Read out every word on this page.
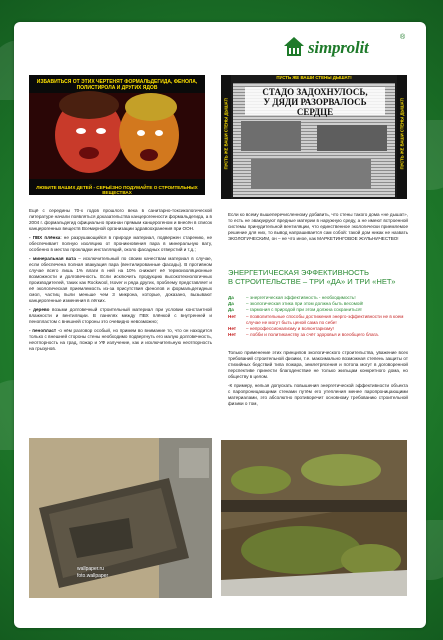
simprolit
®
ИЗБАВИТЬСЯ ОТ ЭТИХ ЧЕРТЕНЯТ ФОРМАЛЬДЕГИДА, ФЕНОЛА, ПОЛИСТИРОЛА И ДРУГИХ ЯДОВ
ЛЮБИТЕ ВАШИХ ДЕТЕЙ - СЕРЬЁЗНО ПОДУМАЙТЕ О СТРОИТЕЛЬНЫХ ВЕЩЕСТВАХ
СТАДО ЗАДОХНУЛОСЬ,
У ДЯДИ РАЗОРВАЛОСЬ СЕРДЦЕ
ПУСТЬ ЖЕ ВАШИ СТЕНЫ ДЫШАТ!	ПУСТЬ ЖЕ ВАШИ СТЕНЫ ДЫШАТ!
ПУСТЬ ЖЕ ВАШИ СТЕНЫ ДЫШАТ!

Ещё с середины 70-х годов прошлого века в санитарно-токсикологической литературе начали появляться доказательства канцерогенности формальдегида, а в 2004 г. формальдегид официально признан прямым канцерогеном и внесён в список канцерогенных веществ Всемирной организации здравоохранения при ООН.

- ПВХ плёнка: не разрушающийся в природе материал, подвержен старению, не обеспечивает полную изоляцию от проникновения пара в минеральную вату, особенно в местах прокладки инсталляций, около фасадных отверстий и т.д.;

- минеральная вата – исключительный по своим качествам материал в случае, если обеспечена полная эвакуация пара (вентилированные фасады). В противном случае всего лишь 1% влаги в ней на 10% снижает её термоизоляционные возможности и долговечность. Если исключить продукцию высокотехнологичных производителей, таких как Rockwool, Isover и ряда других, проблему представляет и её экологическая приемлемость из-за присутствия фенолов и формальдегидных смол, частиц пыли меньше чем 3 микрона, которые, доказано, вызывают канцерогенные изменения в лёгких.

- дерево возьми долговечный строительный материал при условии константной влажности и вентиляции. В панелях между ПВХ плёнкой с внутренней и пенопластом с внешней стороны это очевидно невозможно;

- пенопласт -о нём разговор особый, но примем во внимание то, что он находится только с внешней стороны стены необходимо подвергнуть его малую долговечность, неотпорность на град, пожар и УФ излучение, как и исключительную неотпорность на грызунов.

Если ко всему вышеперечисленному добавить, что стены такого дома «не дышат», то есть не эвакуируют вредные материи в наружную среду, а не имеют встроенной системы принудительной вентиляции, что единственное экологически приемлемое решение для них, то вывод напрашивается сам собой: такой дом никак не назвать ЭКОЛОГИЧЕСКИМ, он – не что иное, как МАРКЕТИНГОВОЕ ЖУЛЬНИЧЕСТВО!

ЭНЕРГЕТИЧЕСКАЯ ЭФФЕКТИВНОСТЬ
В СТРОИТЕЛЬСТВЕ – ТРИ «ДА» И ТРИ «НЕТ»
Да	– энергетическая эффективность - необходимость!
Да	– экологическая этика при этом должна быть весомой!
Да	– гармония с природой при этом должна сохраниться!
Нет – позволительные способы достижения энерго-эффективности не в коем случае не могут быть ценой сама по себе!
Нет – непрофессионализму и волюнтаризму!
Нет – лобби и политиканству за счёт здоровья и всеобщего блага.

Только применение этих принципов экологического строительства, уважение всех требований строительной физики, т.е. максимально возможная степень защиты от стихийных бедствий типа пожара, землетрясения и потопа могут в договоренной перспективе принести благоденствие не только жильцам конкретного дома, но обществу в целом.

-К примеру, нельзя допускать повышения энергетической эффективности объекта с паропроницающими стенами путём его утепления менее паропроницающими материалами, это абсолютно противоречит основному требованию строительной физики о том,

wallpaper.ru
foto.wallpaper
